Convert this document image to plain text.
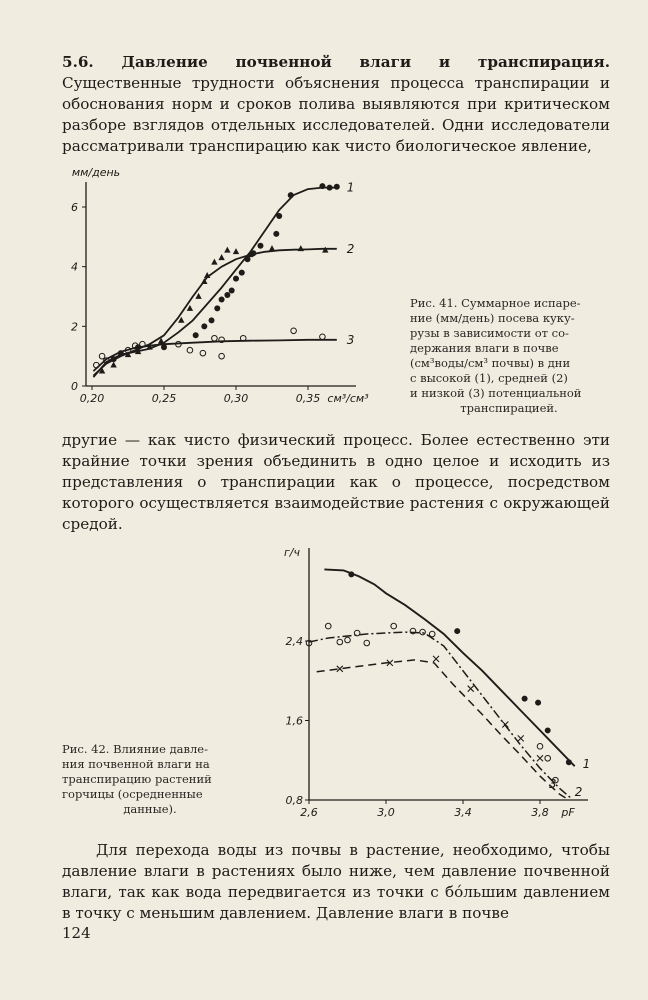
5.6. Давление почвенной влаги и транспирация. Существенные трудности объяснения процесса транспирации и обоснования норм и сроков полива выявляются при критическом разборе взглядов отдельных исследователей. Одни исследователи рассматривали транспирацию как чисто биологическое явление,

0,20	0,25	0,30	0,35 см³/см³
0
2
4
6
мм/день
1
2
3

Рис. 41. Суммарное испаре-
ние (мм/день) посева куку-
рузы в зависимости от со-
держания влаги в почве
(см³воды/см³ почвы) в дни
с высокой (1), средней (2)
и низкой (3) потенциальной
транспирацией.

другие — как чисто физический процесс. Более естественно эти крайние точки зрения объединить в одно целое и исходить из представления о транспирации как о процессе, посредством которого осуществляется взаимодействие растения с окружающей средой.

2,6	3,0	3,4	3,8 pF
0,8
1,6
2,4
г/ч
1
2
3

Рис. 42. Влияние давле-
ния почвенной влаги на
транспирацию растений
горчицы (осредненные
данные).

Для перехода воды из почвы в растение, необходимо, чтобы давление влаги в растениях было ниже, чем давление почвенной влаги, так как вода передвигается из точки с бóльшим давлением в точку с меньшим давлением. Давление влаги в почве

124
